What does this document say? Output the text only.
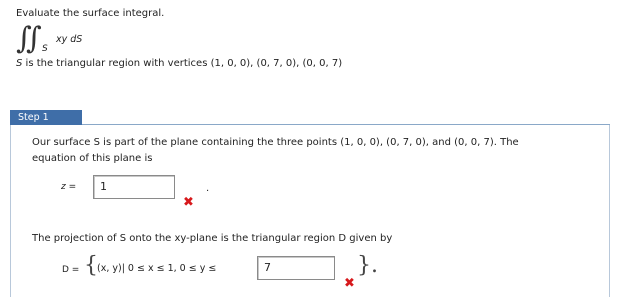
Evaluate the surface integral.
∬ S
xy dS
S is the triangular region with vertices (1, 0, 0), (0, 7, 0), (0, 0, 7)
Step 1
Our surface S is part of the plane containing the three points (1, 0, 0), (0, 7, 0), and (0, 0, 7). The
equation of this plane is
z =	1	.
✖
The projection of S onto the xy-plane is the triangular region D given by
D = { (x, y)| 0 ≤ x ≤ 1, 0 ≤ y ≤	7
✖
}.
